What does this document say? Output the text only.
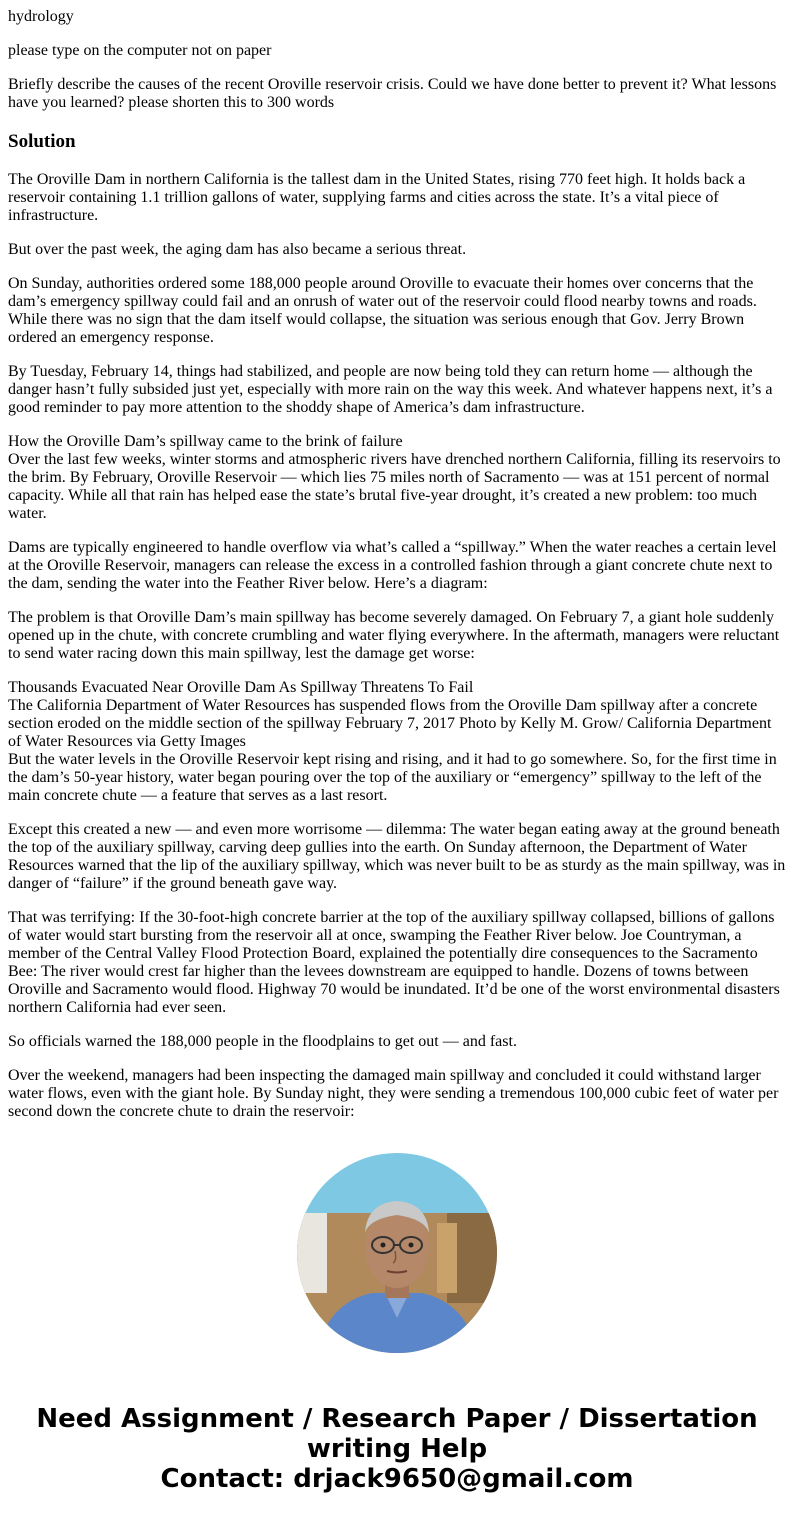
hydrology

please type on the computer not on paper

Briefly describe the causes of the recent Oroville reservoir crisis. Could we have done better to prevent it? What lessons have you learned? please shorten this to 300 words

Solution

The Oroville Dam in northern California is the tallest dam in the United States, rising 770 feet high. It holds back a reservoir containing 1.1 trillion gallons of water, supplying farms and cities across the state. It’s a vital piece of infrastructure.

But over the past week, the aging dam has also became a serious threat.

On Sunday, authorities ordered some 188,000 people around Oroville to evacuate their homes over concerns that the dam’s emergency spillway could fail and an onrush of water out of the reservoir could flood nearby towns and roads. While there was no sign that the dam itself would collapse, the situation was serious enough that Gov. Jerry Brown ordered an emergency response.

By Tuesday, February 14, things had stabilized, and people are now being told they can return home — although the danger hasn’t fully subsided just yet, especially with more rain on the way this week. And whatever happens next, it’s a good reminder to pay more attention to the shoddy shape of America’s dam infrastructure.

How the Oroville Dam’s spillway came to the brink of failure
Over the last few weeks, winter storms and atmospheric rivers have drenched northern California, filling its reservoirs to the brim. By February, Oroville Reservoir — which lies 75 miles north of Sacramento — was at 151 percent of normal capacity. While all that rain has helped ease the state’s brutal five-year drought, it’s created a new problem: too much water.

Dams are typically engineered to handle overflow via what’s called a “spillway.” When the water reaches a certain level at the Oroville Reservoir, managers can release the excess in a controlled fashion through a giant concrete chute next to the dam, sending the water into the Feather River below. Here’s a diagram:

The problem is that Oroville Dam’s main spillway has become severely damaged. On February 7, a giant hole suddenly opened up in the chute, with concrete crumbling and water flying everywhere. In the aftermath, managers were reluctant to send water racing down this main spillway, lest the damage get worse:

Thousands Evacuated Near Oroville Dam As Spillway Threatens To Fail
The California Department of Water Resources has suspended flows from the Oroville Dam spillway after a concrete section eroded on the middle section of the spillway February 7, 2017 Photo by Kelly M. Grow/ California Department of Water Resources via Getty Images
But the water levels in the Oroville Reservoir kept rising and rising, and it had to go somewhere. So, for the first time in the dam’s 50-year history, water began pouring over the top of the auxiliary or “emergency” spillway to the left of the main concrete chute — a feature that serves as a last resort.

Except this created a new — and even more worrisome — dilemma: The water began eating away at the ground beneath the top of the auxiliary spillway, carving deep gullies into the earth. On Sunday afternoon, the Department of Water Resources warned that the lip of the auxiliary spillway, which was never built to be as sturdy as the main spillway, was in danger of “failure” if the ground beneath gave way.

That was terrifying: If the 30-foot-high concrete barrier at the top of the auxiliary spillway collapsed, billions of gallons of water would start bursting from the reservoir all at once, swamping the Feather River below. Joe Countryman, a member of the Central Valley Flood Protection Board, explained the potentially dire consequences to the Sacramento Bee: The river would crest far higher than the levees downstream are equipped to handle. Dozens of towns between Oroville and Sacramento would flood. Highway 70 would be inundated. It’d be one of the worst environmental disasters northern California had ever seen.

So officials warned the 188,000 people in the floodplains to get out — and fast.

Over the weekend, managers had been inspecting the damaged main spillway and concluded it could withstand larger water flows, even with the giant hole. By Sunday night, they were sending a tremendous 100,000 cubic feet of water per second down the concrete chute to drain the reservoir:

Need Assignment / Research Paper / Dissertation
writing Help
Contact: drjack9650@gmail.com
